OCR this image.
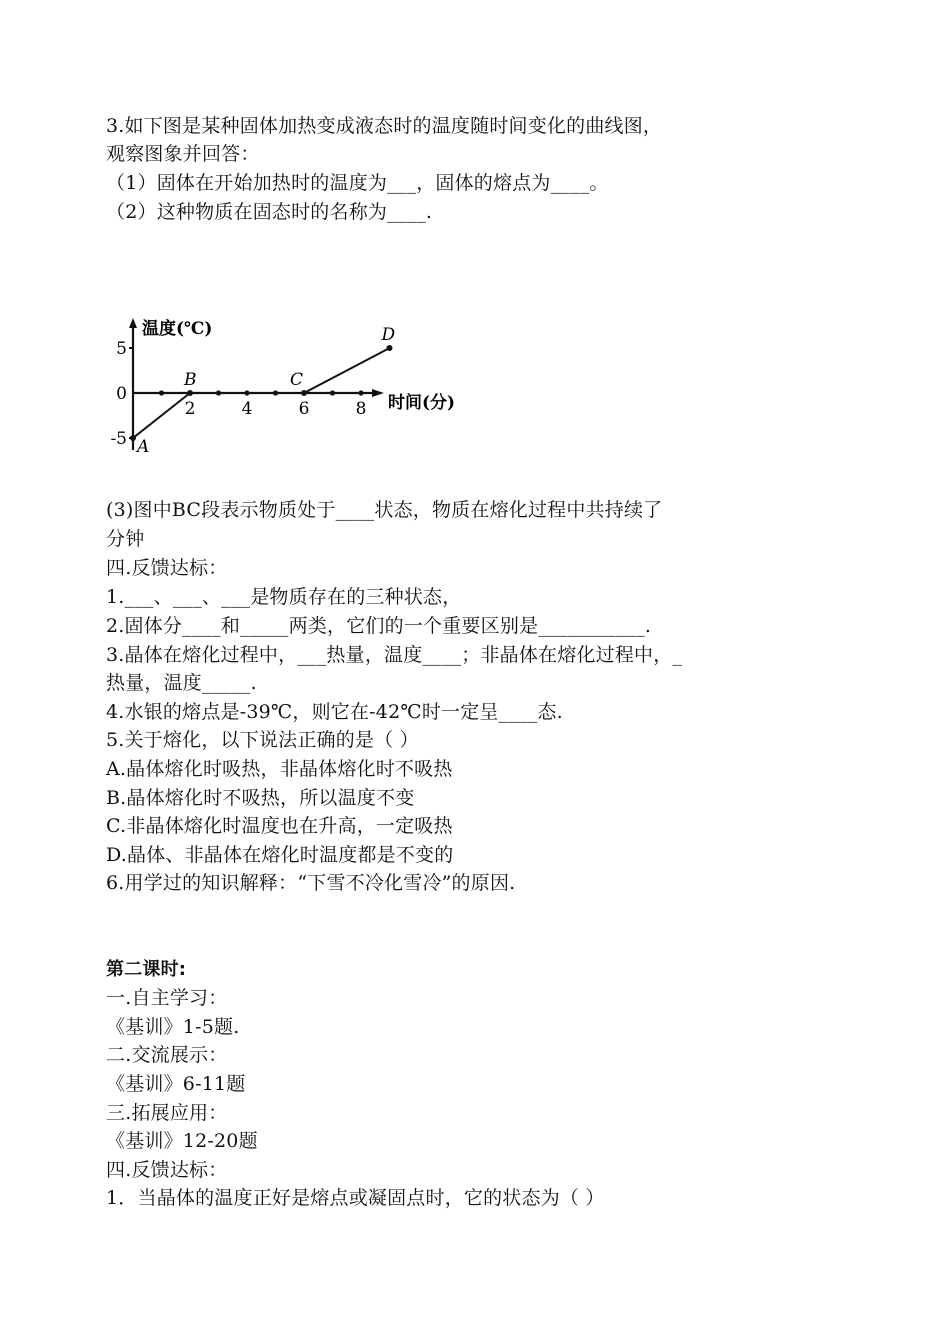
3.如下图是某种固体加热变成液态时的温度随时间变化的曲线图，
观察图象并回答：
（1）固体在开始加热时的温度为___，固体的熔点为____。
（2）这种物质在固态时的名称为____.
5
0
-5
2	4	6	8
A
B	C
D
温度(℃)
时间(分)
(3)图中BC段表示物质处于____状态，物质在熔化过程中共持续了
分钟
四.反馈达标：
1.___、___、___是物质存在的三种状态，
2.固体分____和_____两类，它们的一个重要区别是___________.
3.晶体在熔化过程中，___热量，温度____；非晶体在熔化过程中，_
热量，温度_____.
4.水银的熔点是-39℃，则它在-42℃时一定呈____态.
5.关于熔化，以下说法正确的是（ ）
A.晶体熔化时吸热，非晶体熔化时不吸热
B.晶体熔化时不吸热，所以温度不变
C.非晶体熔化时温度也在升高，一定吸热
D.晶体、非晶体在熔化时温度都是不变的
6.用学过的知识解释：“下雪不冷化雪冷”的原因.
第二课时:
一.自主学习：
《基训》1-5题.
二.交流展示：
《基训》6-11题
三.拓展应用：
《基训》12-20题
四.反馈达标：
1．当晶体的温度正好是熔点或凝固点时，它的状态为（ ）
